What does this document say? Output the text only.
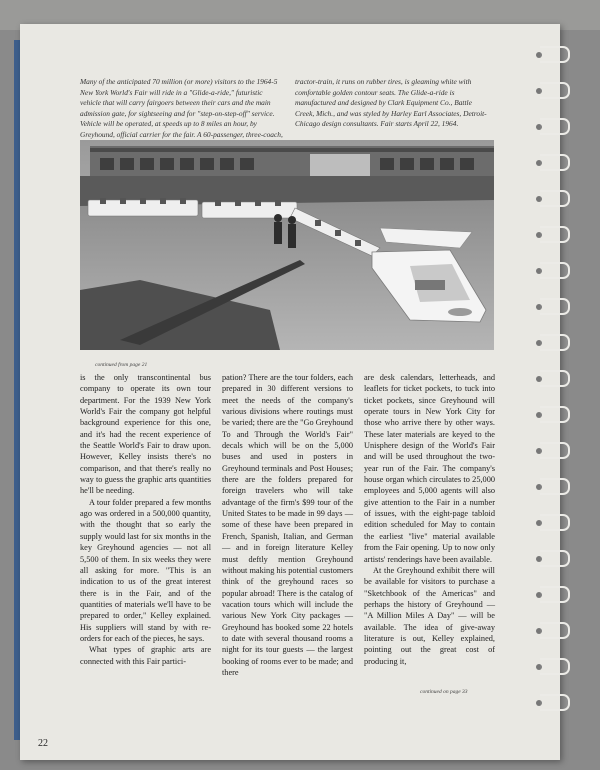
Many of the anticipated 70 million (or more) visitors to the 1964-5 New York World's Fair will ride in a "Glide-a-ride," futuristic vehicle that will carry fairgoers between their cars and the main admission gate, for sightseeing and for "step-on-step-off" service. Vehicle will be operated, at speeds up to 8 miles an hour, by Greyhound, official carrier for the fair. A 60-passenger, three-coach,
tractor-train, it runs on rubber tires, is gleaming white with comfortable golden contour seats. The Glide-a-ride is manufactured and designed by Clark Equipment Co., Battle Creek, Mich., and was styled by Harley Earl Associates, Detroit-Chicago design consultants. Fair starts April 22, 1964.
continued from page 21

is the only transcontinental bus company to operate its own tour department. For the 1939 New York World's Fair the company got helpful background experience for this one, and it's had the recent experience of the Seattle World's Fair to draw upon. However, Kelley insists there's no comparison, and that there's really no way to guess the graphic arts quantities he'll be needing.

A tour folder prepared a few months ago was ordered in a 500,000 quantity, with the thought that so early the supply would last for six months in the key Greyhound agencies — not all 5,500 of them. In six weeks they were all asking for more. "This is an indication to us of the great interest there is in the Fair, and of the quantities of materials we'll have to be prepared to order," Kelley explained. His suppliers will stand by with re-orders for each of the pieces, he says.

What types of graphic arts are connected with this Fair partici-

pation? There are the tour folders, each prepared in 30 different versions to meet the needs of the company's various divisions where routings must be varied; there are the "Go Greyhound To and Through the World's Fair" decals which will be on the 5,000 buses and used in posters in Greyhound terminals and Post Houses; there are the folders prepared for foreign travelers who will take advantage of the firm's $99 tour of the United States to be made in 99 days — some of these have been prepared in French, Spanish, Italian, and German — and in foreign literature Kelley must deftly mention Greyhound without making his potential customers think of the greyhound races so popular abroad! There is the catalog of vacation tours which will include the various New York City packages — Greyhound has booked some 22 hotels to date with several thousand rooms a night for its tour guests — the largest booking of rooms ever to be made; and there

are desk calendars, letterheads, and leaflets for ticket pockets, to tuck into ticket pockets, since Greyhound will operate tours in New York City for those who arrive there by other ways. These later materials are keyed to the Unisphere design of the World's Fair and will be used throughout the two-year run of the Fair. The company's house organ which circulates to 25,000 employees and 5,000 agents will also give attention to the Fair in a number of issues, with the eight-page tabloid edition scheduled for May to contain the earliest "live" material available from the Fair opening. Up to now only artists' renderings have been available.

At the Greyhound exhibit there will be available for visitors to purchase a "Sketchbook of the Americas" and perhaps the history of Greyhound — "A Million Miles A Day" — will be available. The idea of give-away literature is out, Kelley explained, pointing out the great cost of producing it,

continued on page 33
22
